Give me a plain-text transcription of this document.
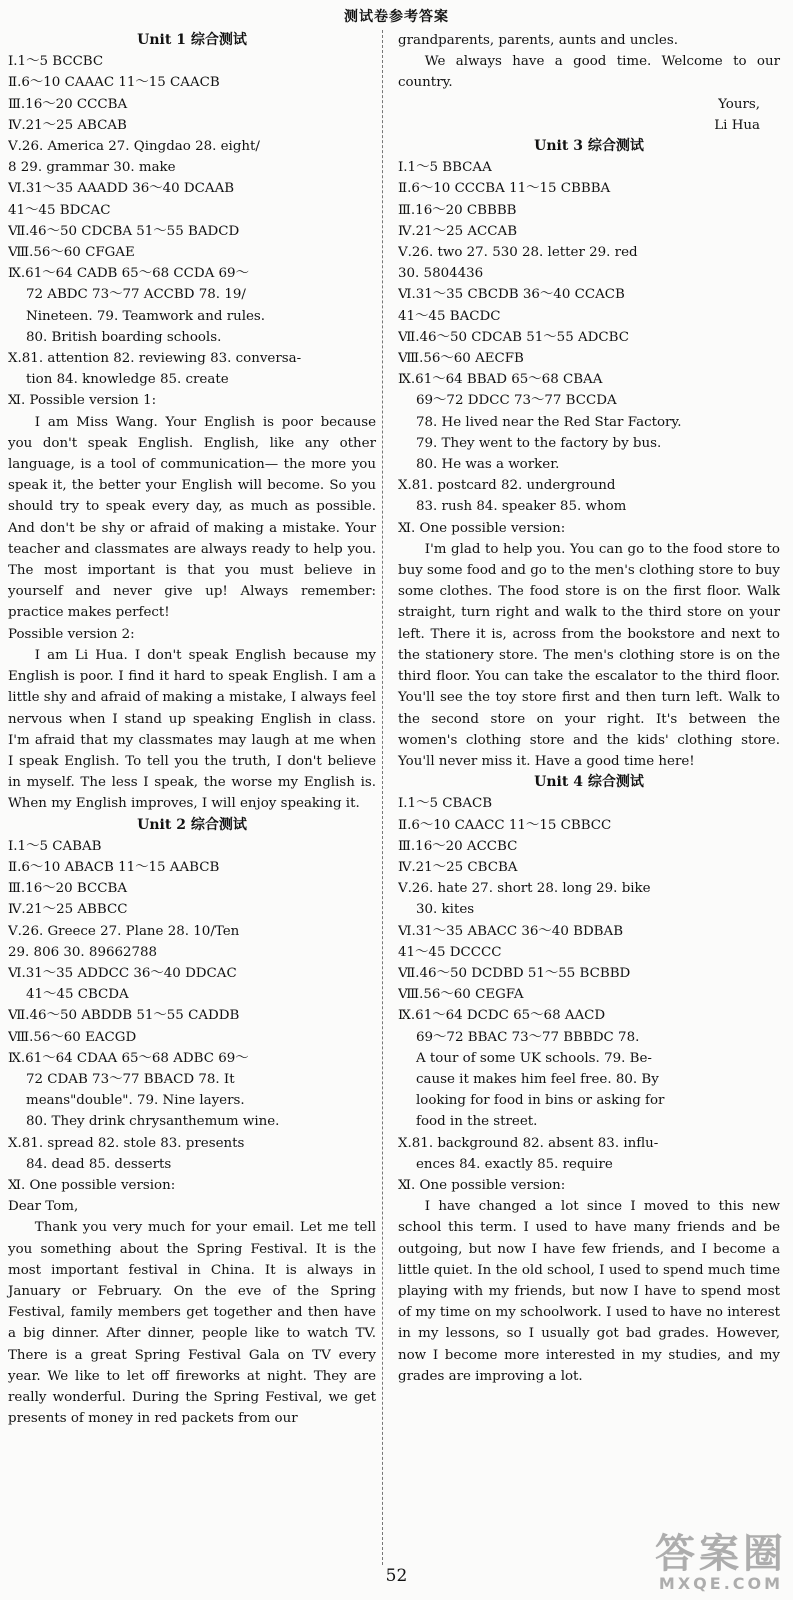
测试卷参考答案

Unit 1 综合测试

Ⅰ.1～5 BCCBC

Ⅱ.6～10 CAAAC 11～15 CAACB

Ⅲ.16～20 CCCBA

Ⅳ.21～25 ABCAB

Ⅴ.26. America 27. Qingdao 28. eight/

8 29. grammar 30. make

Ⅵ.31～35 AAADD 36～40 DCAAB

41～45 BDCAC

Ⅶ.46～50 CDCBA 51～55 BADCD

Ⅷ.56～60 CFGAE

Ⅸ.61～64 CADB 65～68 CCDA 69～

72 ABDC 73～77 ACCBD 78. 19/

Nineteen. 79. Teamwork and rules.

80. British boarding schools.

Ⅹ.81. attention 82. reviewing 83. conversa-

tion 84. knowledge 85. create

Ⅺ. Possible version 1:

I am Miss Wang. Your English is poor because you don't speak English. English, like any other language, is a tool of communication— the more you speak it, the better your English will become. So you should try to speak every day, as much as possible. And don't be shy or afraid of making a mistake. Your teacher and classmates are always ready to help you. The most important is that you must believe in yourself and never give up! Always remember: practice makes perfect!

Possible version 2:

I am Li Hua. I don't speak English because my English is poor. I find it hard to speak English. I am a little shy and afraid of making a mistake, I always feel nervous when I stand up speaking English in class. I'm afraid that my classmates may laugh at me when I speak English. To tell you the truth, I don't believe in myself. The less I speak, the worse my English is. When my English improves, I will enjoy speaking it.

Unit 2 综合测试

Ⅰ.1～5 CABAB

Ⅱ.6～10 ABACB 11～15 AABCB

Ⅲ.16～20 BCCBA

Ⅳ.21～25 ABBCC

Ⅴ.26. Greece 27. Plane 28. 10/Ten

29. 806 30. 89662788

Ⅵ.31～35 ADDCC 36～40 DDCAC

41～45 CBCDA

Ⅶ.46～50 ABDDB 51～55 CADDB

Ⅷ.56～60 EACGD

Ⅸ.61～64 CDAA 65～68 ADBC 69～

72 CDAB 73～77 BBACD 78. It

means"double". 79. Nine layers.

80. They drink chrysanthemum wine.

Ⅹ.81. spread 82. stole 83. presents

84. dead 85. desserts

Ⅺ. One possible version:

Dear Tom,

Thank you very much for your email. Let me tell you something about the Spring Festival. It is the most important festival in China. It is always in January or February. On the eve of the Spring Festival, family members get together and then have a big dinner. After dinner, people like to watch TV. There is a great Spring Festival Gala on TV every year. We like to let off fireworks at night. They are really wonderful. During the Spring Festival, we get presents of money in red packets from our

grandparents, parents, aunts and uncles.

We always have a good time. Welcome to our country.

Yours,

Li Hua

Unit 3 综合测试

Ⅰ.1～5 BBCAA

Ⅱ.6～10 CCCBA 11～15 CBBBA

Ⅲ.16～20 CBBBB

Ⅳ.21～25 ACCAB

Ⅴ.26. two 27. 530 28. letter 29. red

30. 5804436

Ⅵ.31～35 CBCDB 36～40 CCACB

41～45 BACDC

Ⅶ.46～50 CDCAB 51～55 ADCBC

Ⅷ.56～60 AECFB

Ⅸ.61～64 BBAD 65～68 CBAA

69～72 DDCC 73～77 BCCDA

78. He lived near the Red Star Factory.

79. They went to the factory by bus.

80. He was a worker.

Ⅹ.81. postcard 82. underground

83. rush 84. speaker 85. whom

Ⅺ. One possible version:

I'm glad to help you. You can go to the food store to buy some food and go to the men's clothing store to buy some clothes. The food store is on the first floor. Walk straight, turn right and walk to the third store on your left. There it is, across from the bookstore and next to the stationery store. The men's clothing store is on the third floor. You can take the escalator to the third floor. You'll see the toy store first and then turn left. Walk to the second store on your right. It's between the women's clothing store and the kids' clothing store. You'll never miss it. Have a good time here!

Unit 4 综合测试

Ⅰ.1～5 CBACB

Ⅱ.6～10 CAACC 11～15 CBBCC

Ⅲ.16～20 ACCBC

Ⅳ.21～25 CBCBA

Ⅴ.26. hate 27. short 28. long 29. bike

30. kites

Ⅵ.31～35 ABACC 36～40 BDBAB

41～45 DCCCC

Ⅶ.46～50 DCDBD 51～55 BCBBD

Ⅷ.56～60 CEGFA

Ⅸ.61～64 DCDC 65～68 AACD

69～72 BBAC 73～77 BBBDC 78.

A tour of some UK schools. 79. Be-

cause it makes him feel free. 80. By

looking for food in bins or asking for

food in the street.

Ⅹ.81. background 82. absent 83. influ-

ences 84. exactly 85. require

Ⅺ. One possible version:

I have changed a lot since I moved to this new school this term. I used to have many friends and be outgoing, but now I have few friends, and I become a little quiet. In the old school, I used to spend much time playing with my friends, but now I have to spend most of my time on my schoolwork. I used to have no interest in my lessons, so I usually got bad grades. However, now I become more interested in my studies, and my grades are improving a lot.

52	答案圈
MXQE.COM
